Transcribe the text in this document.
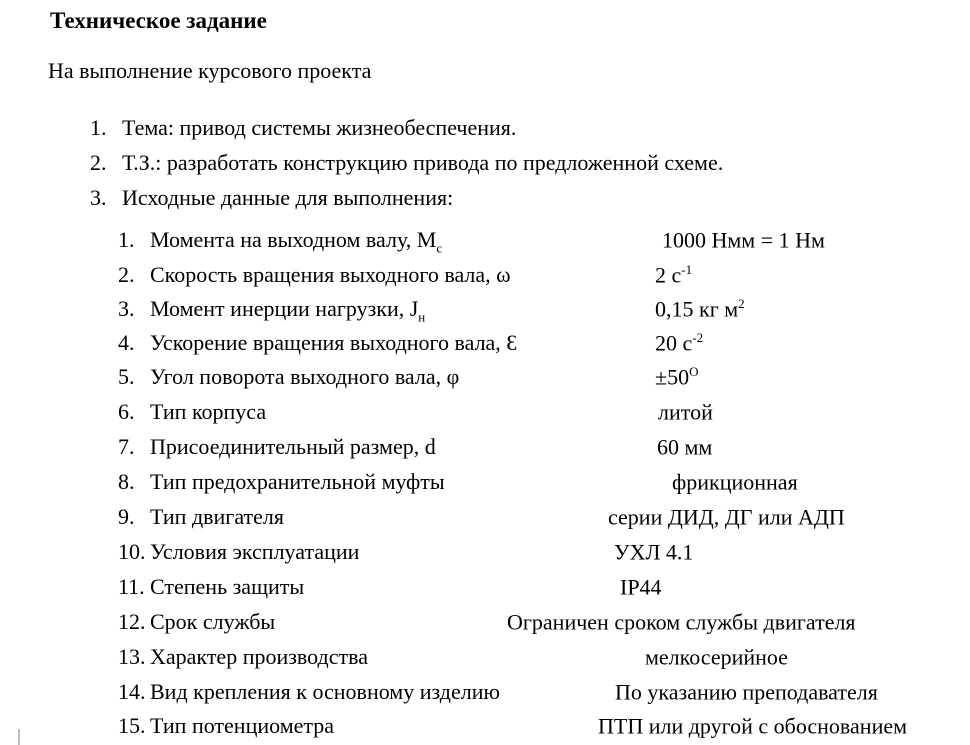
Техническое задание
На выполнение курсового проекта
1. Тема: привод системы жизнеобеспечения.
2. Т.З.: разработать конструкцию привода по предложенной схеме.
3. Исходные данные для выполнения:
1. Момента на выходном валу, $М_с$	1000 Нмм = 1 Нм
2. Скорость вращения выходного вала, ω	2 $с^{-1}$
3. Момент инерции нагрузки, $J_н$	0,15 кг $м^2$
4. Ускорение вращения выходного вала, Ɛ	20 $с^{-2}$
5. Угол поворота выходного вала, φ	$\pm 50^О$
6. Тип корпуса	литой
7. Присоединительный размер, d	60 мм
8. Тип предохранительной муфты	фрикционная
9. Тип двигателя	серии ДИД, ДГ или АДП
10. Условия эксплуатации	УХЛ 4.1
11. Степень защиты	IP44
12. Срок службы	Ограничен сроком службы двигателя
13. Характер производства	мелкосерийное
14. Вид крепления к основному изделию	По указанию преподавателя
15. Тип потенциометра	ПТП или другой с обоснованием
